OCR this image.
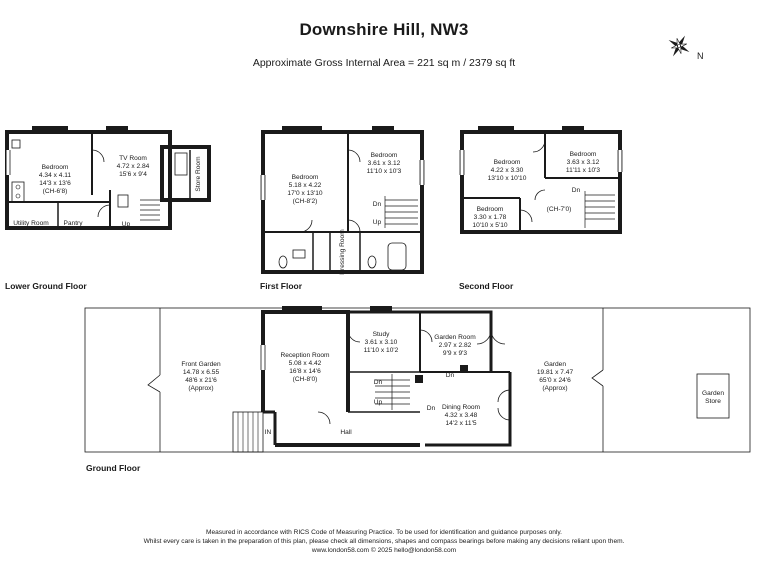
Downshire Hill, NW3
Approximate Gross Internal Area = 221 sq m / 2379 sq ft
Lower Ground Floor	First Floor	Second Floor
Ground Floor
N
Bedroom
4.34 x 4.11
14'3 x 13'6
(CH-6'8)
TV Room
4.72 x 2.84
15'6 x 9'4	Store Room
Utility Room Pantry	Up
Bedroom
5.18 x 4.22
17'0 x 13'10
(CH-8'2)
Bedroom
3.61 x 3.12
11'10 x 10'3
Dressing Room
Dn
Up
Bedroom
4.22 x 3.30
13'10 x 10'10
Bedroom
3.63 x 3.12
11'11 x 10'3
Bedroom
3.30 x 1.78
10'10 x 5'10
(CH-7'0)
Dn
Front Garden
14.78 x 6.55
48'6 x 21'6
(Approx)
Reception Room
5.08 x 4.42
16'8 x 14'6
(CH-8'0)
Study
3.61 x 3.10
11'10 x 10'2
Garden Room
2.97 x 2.82
9'9 x 9'3
Dining Room
4.32 x 3.48
14'2 x 11'5
Garden
19.81 x 7.47
65'0 x 24'6
(Approx)
Garden
Store
Hall
IN
Dn
Dn
Dn
Up
Measured in accordance with RICS Code of Measuring Practice. To be used for identification and guidance purposes only.
Whilst every care is taken in the preparation of this plan, please check all dimensions, shapes and compass bearings before making any decisions reliant upon them.
www.london58.com © 2025 hello@london58.com
